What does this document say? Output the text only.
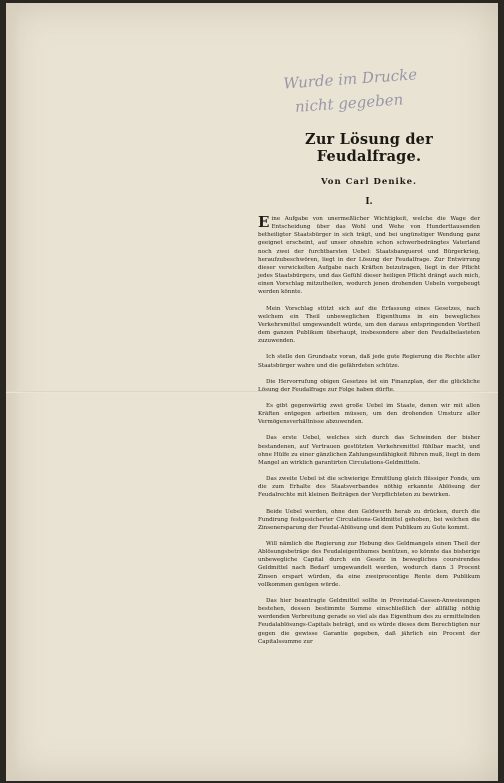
Wurde im Drucke
nicht gegeben
Zur Lösung der Feudalfrage.
Von Carl Denike.
I.

Eine Aufgabe von unermeßlicher Wichtigkeit, welche die Wage der Entscheidung über das Wohl und Wehe von Hunderttausenden betheiligter Staatsbürger in sich trägt, und bei ungünstiger Wendung ganz geeignet erscheint, auf unser ohnehin schon schwerbedrängtes Vaterland noch zwei der furchtbarsten Uebel: Staatsbanquerot und Bürgerkrieg, heraufzubeschwören, liegt in der Lösung der Feudalfrage. Zur Entwirrung dieser verwickelten Aufgabe nach Kräften beizutragen, liegt in der Pflicht jedes Staatsbürgers, und das Gefühl dieser heiligen Pflicht drängt auch mich, einen Vorschlag mitzutheilen, wodurch jenen drohenden Uebeln vorgebeugt werden könnte.

Mein Vorschlag stützt sich auf die Erfassung eines Gesetzes, nach welchem ein Theil unbeweglichen Eigenthums in ein bewegliches Verkehrsmittel umgewandelt würde, um den daraus entspringenden Vortheil dem ganzen Publikum überhaupt, insbesondere aber den Feudalbelasteten zuzuwenden.

Ich stelle den Grundsatz voran, daß jede gute Regierung die Rechte aller Staatsbürger wahre und die gefährdeten schütze.

Die Hervorrufung obigen Gesetzes ist ein Finanzplan, der die glückliche Lösung der Feudalfrage zur Folge haben dürfte.

Es gibt gegenwärtig zwei große Uebel im Staate, denen wir mit allen Kräften entgegen arbeiten müssen, um den drohenden Umsturz aller Vermögensverhältnisse abzuwenden.

Das erste Uebel, welches sich durch das Schwinden der bisher bestandenen, auf Vertrauen gestützten Verkehrsmittel fühlbar macht, und ohne Hülfe zu einer gänzlichen Zahlungsunfähigkeit führen muß, liegt in dem Mangel an wirklich garantirten Circulations-Geldmitteln.

Das zweite Uebel ist die schwierige Ermittlung gleich flüssiger Fonds, um die zum Erhalte des Staatsverbandes nöthig erkannte Ablösung der Feudalrechte mit kleinen Beiträgen der Verpflichteten zu bewirken.

Beide Uebel werden, ohne den Geldwerth herab zu drücken, durch die Fundirung festgesicherter Circulations-Geldmittel gehoben, bei welchen die Zinsenersparung der Feudal-Ablösung und dem Publikum zu Gute kommt.

Will nämlich die Regierung zur Hebung des Geldmangels einen Theil der Ablösungsbeträge des Feudaleigenthumes benützen, so könnte das bisherige unbewegliche Capital durch ein Gesetz in bewegliches coursirendes Geldmittel nach Bedarf umgewandelt werden, wodurch dann 3 Procent Zinsen erspart würden, da eine zweiprocentige Rente dem Publikum vollkommen genügen würde.

Das hier beantragte Geldmittel sollte in Provinzial-Cassen-Anweisungen bestehen, dessen bestimmte Summe einschließlich der allfällig nöthig werdenden Verbreitung gerade so viel als das Eigenthum des zu ermittelnden Feudalablösungs-Capitals beträgt, und es würde dieses dem Berechtigten nur gegen die gewisse Garantie gegeben, daß jährlich ein Procent der Capitalssumme zur
